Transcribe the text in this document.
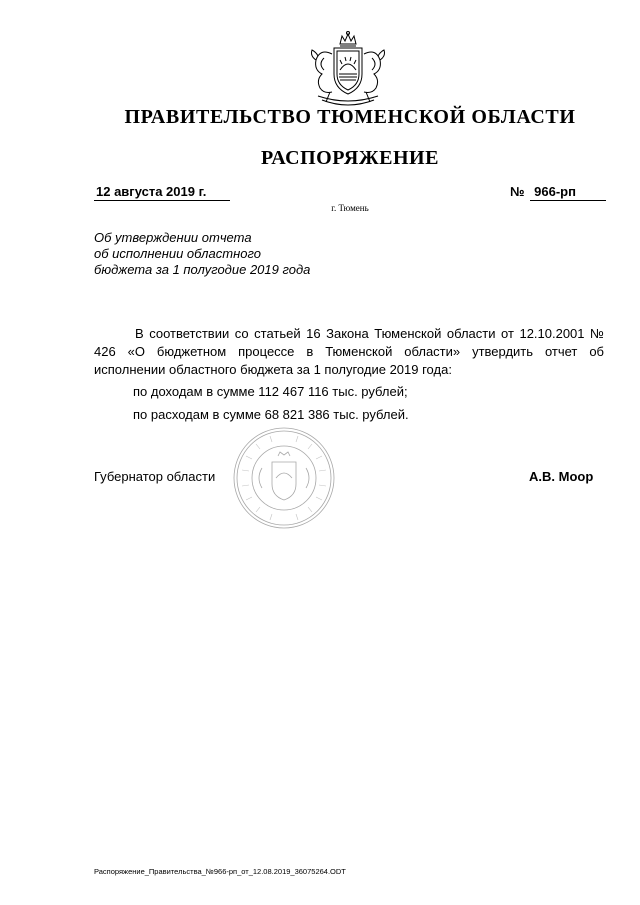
ПРАВИТЕЛЬСТВО ТЮМЕНСКОЙ ОБЛАСТИ
РАСПОРЯЖЕНИЕ
12 августа 2019 г.	№ 966-рп
г. Тюмень
Об утверждении отчета
об исполнении областного
бюджета за 1 полугодие 2019 года
В соответствии со статьей 16 Закона Тюменской области от 12.10.2001 № 426 «О бюджетном процессе в Тюменской области» утвердить отчет об исполнении областного бюджета за 1 полугодие 2019 года:
по доходам в сумме 112 467 116 тыс. рублей;
по расходам в сумме 68 821 386 тыс. рублей.
Губернатор области	А.В. Моор
Распоряжение_Правительства_№966-рп_от_12.08.2019_36075264.ODT
